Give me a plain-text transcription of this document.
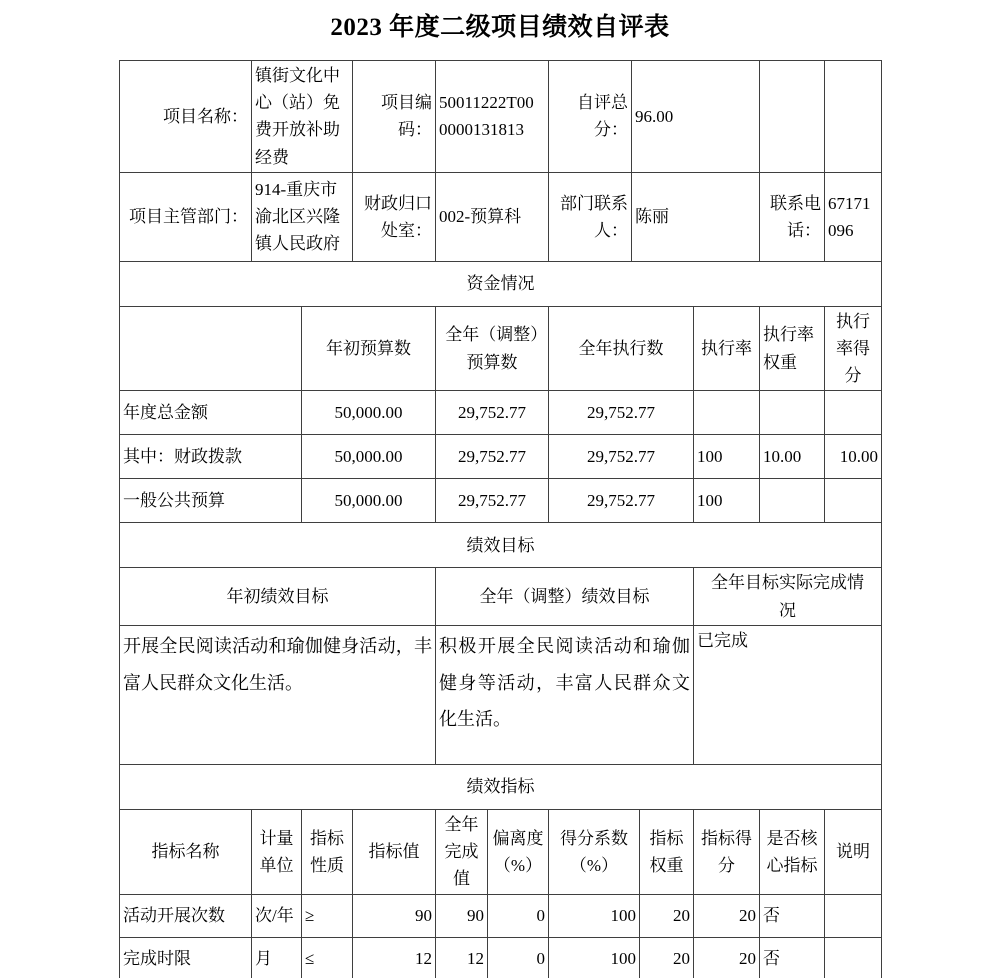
2023 年度二级项目绩效自评表
项目名称：	镇街文化中心（站）免费开放补助经费		项目编码：	50011222T000000131813		自评总分：	96.00				
项目主管部门：	914-重庆市渝北区兴隆镇人民政府		财政归口处室：	002-预算科		部门联系人：	陈丽			联系电话：	67171096
资金情况											
		年初预算数		全年（调整）预算数		全年执行数			执行率	执行率权重	执行率得分
年度总金额		50,000.00		29,752.77		29,752.77					
其中：财政拨款		50,000.00		29,752.77		29,752.77			100	10.00	10.00
一般公共预算		50,000.00		29,752.77		29,752.77			100		
绩效目标											
年初绩效目标				全年（调整）绩效目标					全年目标实际完成情况		
开展全民阅读活动和瑜伽健身活动，丰富人民群众文化生活。				积极开展全民阅读活动和瑜伽健身等活动，丰富人民群众文化生活。					已完成		
绩效指标											
指标名称	计量单位	指标性质	指标值	全年完成值	偏离度（%）	得分系数（%）		指标权重	指标得分	是否核心指标	说明
活动开展次数	次/年	≥	90	90	0	100		20	20	否	
完成时限	月	≤	12	12	0	100		20	20	否	
